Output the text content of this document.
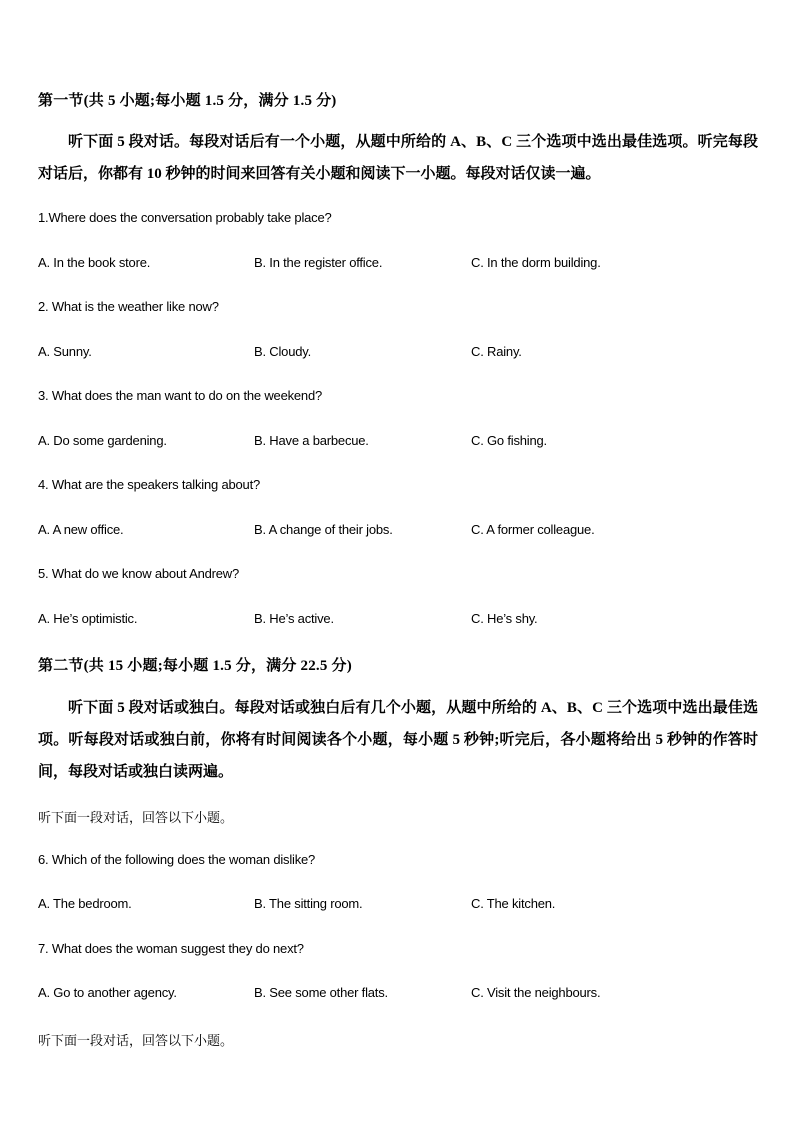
第一节(共 5 小题;每小题 1.5 分，满分 1.5 分)
听下面 5 段对话。每段对话后有一个小题，从题中所给的 A、B、C 三个选项中选出最佳选项。听完每段对话后，你都有 10 秒钟的时间来回答有关小题和阅读下一小题。每段对话仅读一遍。
1.Where does the conversation probably take place?
A. In the book store.	B. In the register office.	C. In the dorm building.
2. What is the weather like now?
A. Sunny.	B. Cloudy.	C. Rainy.
3. What does the man want to do on the weekend?
A. Do some gardening.	B. Have a barbecue.	C. Go fishing.
4. What are the speakers talking about?
A. A new office.	B. A change of their jobs.	C. A former colleague.
5. What do we know about Andrew?
A. He’s optimistic.	B. He’s active.	C. He’s shy.
第二节(共 15 小题;每小题 1.5 分，满分 22.5 分)
听下面 5 段对话或独白。每段对话或独白后有几个小题，从题中所给的 A、B、C 三个选项中选出最佳选项。听每段对话或独白前，你将有时间阅读各个小题，每小题 5 秒钟;听完后，各小题将给出 5 秒钟的作答时间，每段对话或独白读两遍。
听下面一段对话，回答以下小题。
6. Which of the following does the woman dislike?
A. The bedroom.	B. The sitting room.	C. The kitchen.
7. What does the woman suggest they do next?
A. Go to another agency.	B. See some other flats.	C. Visit the neighbours.
听下面一段对话，回答以下小题。
